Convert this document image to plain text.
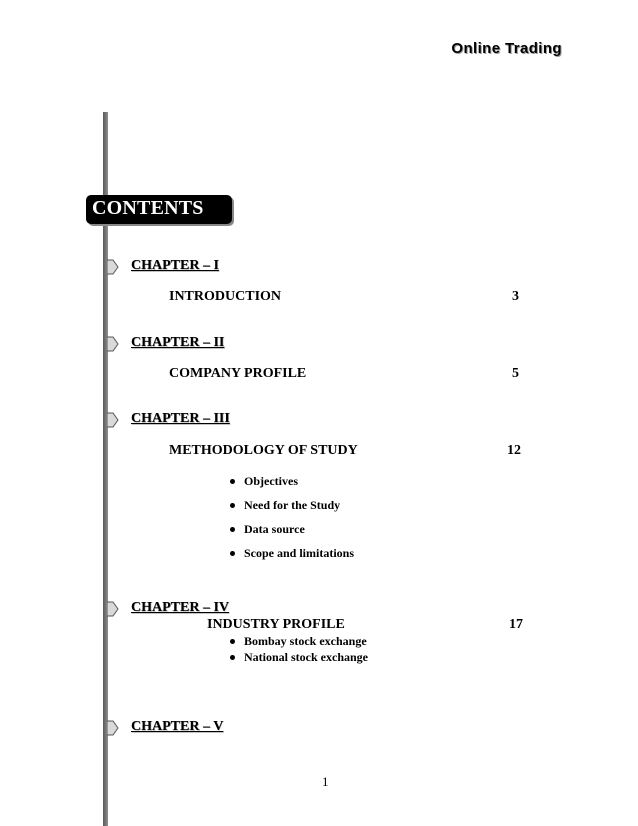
Online Trading
CONTENTS
CHAPTER – I
INTRODUCTION	3
CHAPTER – II
COMPANY PROFILE	5
CHAPTER – III
METHODOLOGY OF STUDY	12
Objectives
Need for the Study
Data source
Scope and limitations
CHAPTER – IV
INDUSTRY PROFILE	17
Bombay stock exchange
National stock exchange
CHAPTER – V
1
